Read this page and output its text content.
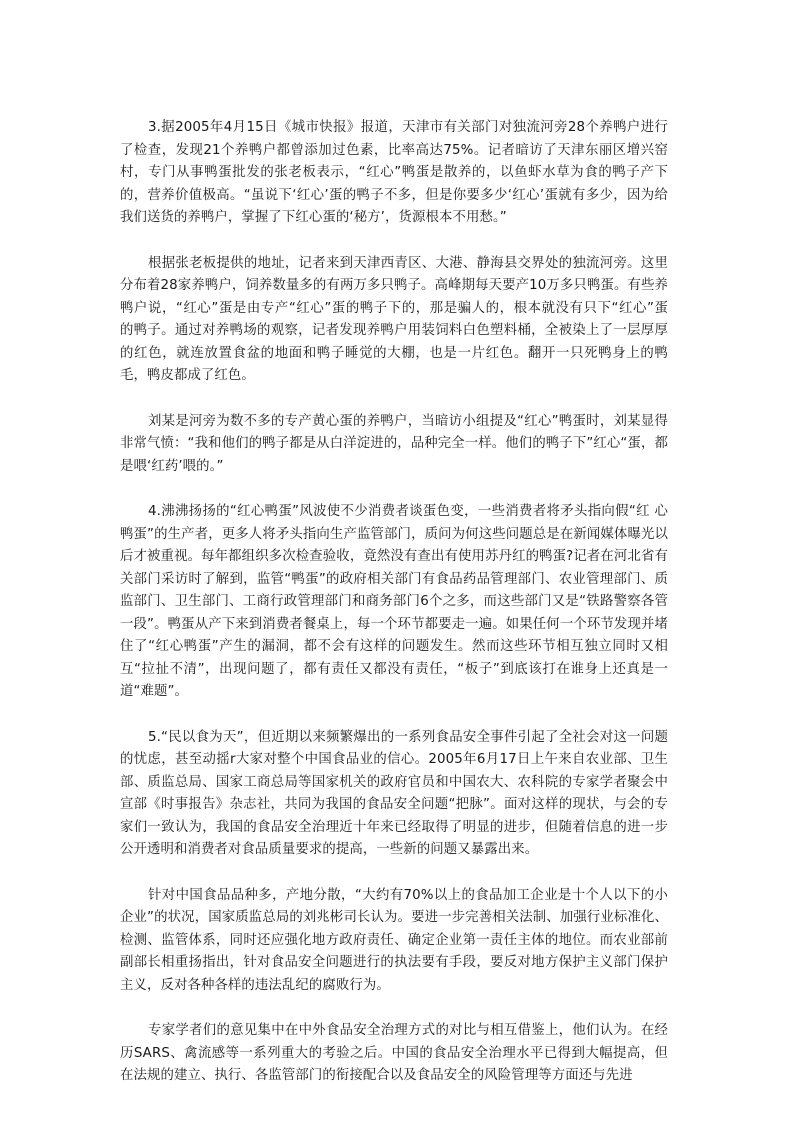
3.据2005年4月15日《城市快报》报道，天津市有关部门对独流河旁28个养鸭户进行了检查，发现21个养鸭户都曾添加过色素，比率高达75%。记者暗访了天津东丽区增兴窑村，专门从事鸭蛋批发的张老板表示，“红心”鸭蛋是散养的，以鱼虾水草为食的鸭子产下的，营养价值极高。“虽说下‘红心’蛋的鸭子不多，但是你要多少‘红心’蛋就有多少，因为给我们送货的养鸭户，掌握了下红心蛋的‘秘方’，货源根本不用愁。”

根据张老板提供的地址，记者来到天津西青区、大港、静海县交界处的独流河旁。这里分布着28家养鸭户，饲养数量多的有两万多只鸭子。高峰期每天要产10万多只鸭蛋。有些养鸭户说，“红心”蛋是由专产“红心”蛋的鸭子下的，那是骗人的，根本就没有只下“红心”蛋　的鸭子。通过对养鸭场的观察，记者发现养鸭户用装饲料白色塑料桶，全被染上了一层厚厚的红色，就连放置食盆的地面和鸭子睡觉的大棚，也是一片红色。翻开一只死鸭身上的鸭毛，鸭皮都成了红色。

刘某是河旁为数不多的专产黄心蛋的养鸭户，当暗访小组提及“红心”鸭蛋时，刘某显得非常气愤：“我和他们的鸭子都是从白洋淀进的，品种完全一样。他们的鸭子下”红心“蛋，都是喂‘红药’喂的。”

4.沸沸扬扬的“红心鸭蛋”风波使不少消费者谈蛋色变，一些消费者将矛头指向假“红 心鸭蛋”的生产者，更多人将矛头指向生产监管部门，质问为何这些问题总是在新闻媒体曝光以后才被重视。每年都组织多次检查验收，竟然没有查出有使用苏丹红的鸭蛋?记者在河北省有关部门采访时了解到，监管“鸭蛋”的政府相关部门有食品药品管理部门、农业管理部门、质监部门、卫生部门、工商行政管理部门和商务部门6个之多，而这些部门又是“铁路警察各管一段”。鸭蛋从产下来到消费者餐桌上，每一个环节都要走一遍。如果任何一个环节发现并堵住了“红心鸭蛋”产生的漏洞，都不会有这样的问题发生。然而这些环节相互独立同时又相互“拉扯不清”，出现问题了，都有责任又都没有责任，“板子”到底该打在谁身上还真是一道“难题”。

5.“民以食为天”，但近期以来频繁爆出的一系列食品安全事件引起了全社会对这一问题的忧虑，甚至动摇r大家对整个中国食品业的信心。2005年6月17日上午来自农业部、卫生部、质监总局、国家工商总局等国家机关的政府官员和中国农大、农科院的专家学者聚会中宣部《时事报告》杂志社，共同为我国的食品安全问题“把脉”。面对这样的现状，与会的专家们一致认为，我国的食品安全治理近十年来已经取得了明显的进步，但随着信息的进一步公开透明和消费者对食品质量要求的提高，一些新的问题又暴露出来。

针对中国食品品种多，产地分散，“大约有70%以上的食品加工企业是十个人以下的小企业”的状况，国家质监总局的刘兆彬司长认为。要进一步完善相关法制、加强行业标准化、检测、监管体系，同时还应强化地方政府责任、确定企业第一责任主体的地位。而农业部前副部长相重扬指出，针对食品安全问题进行的执法要有手段，要反对地方保护主义部门保护主义，反对各种各样的违法乱纪的腐败行为。

专家学者们的意见集中在中外食品安全治理方式的对比与相互借鉴上，他们认为。在经历SARS、禽流感等一系列重大的考验之后。中国的食品安全治理水平已得到大幅提高，但在法规的建立、执行、各监管部门的衔接配合以及食品安全的风险管理等方面还与先进
